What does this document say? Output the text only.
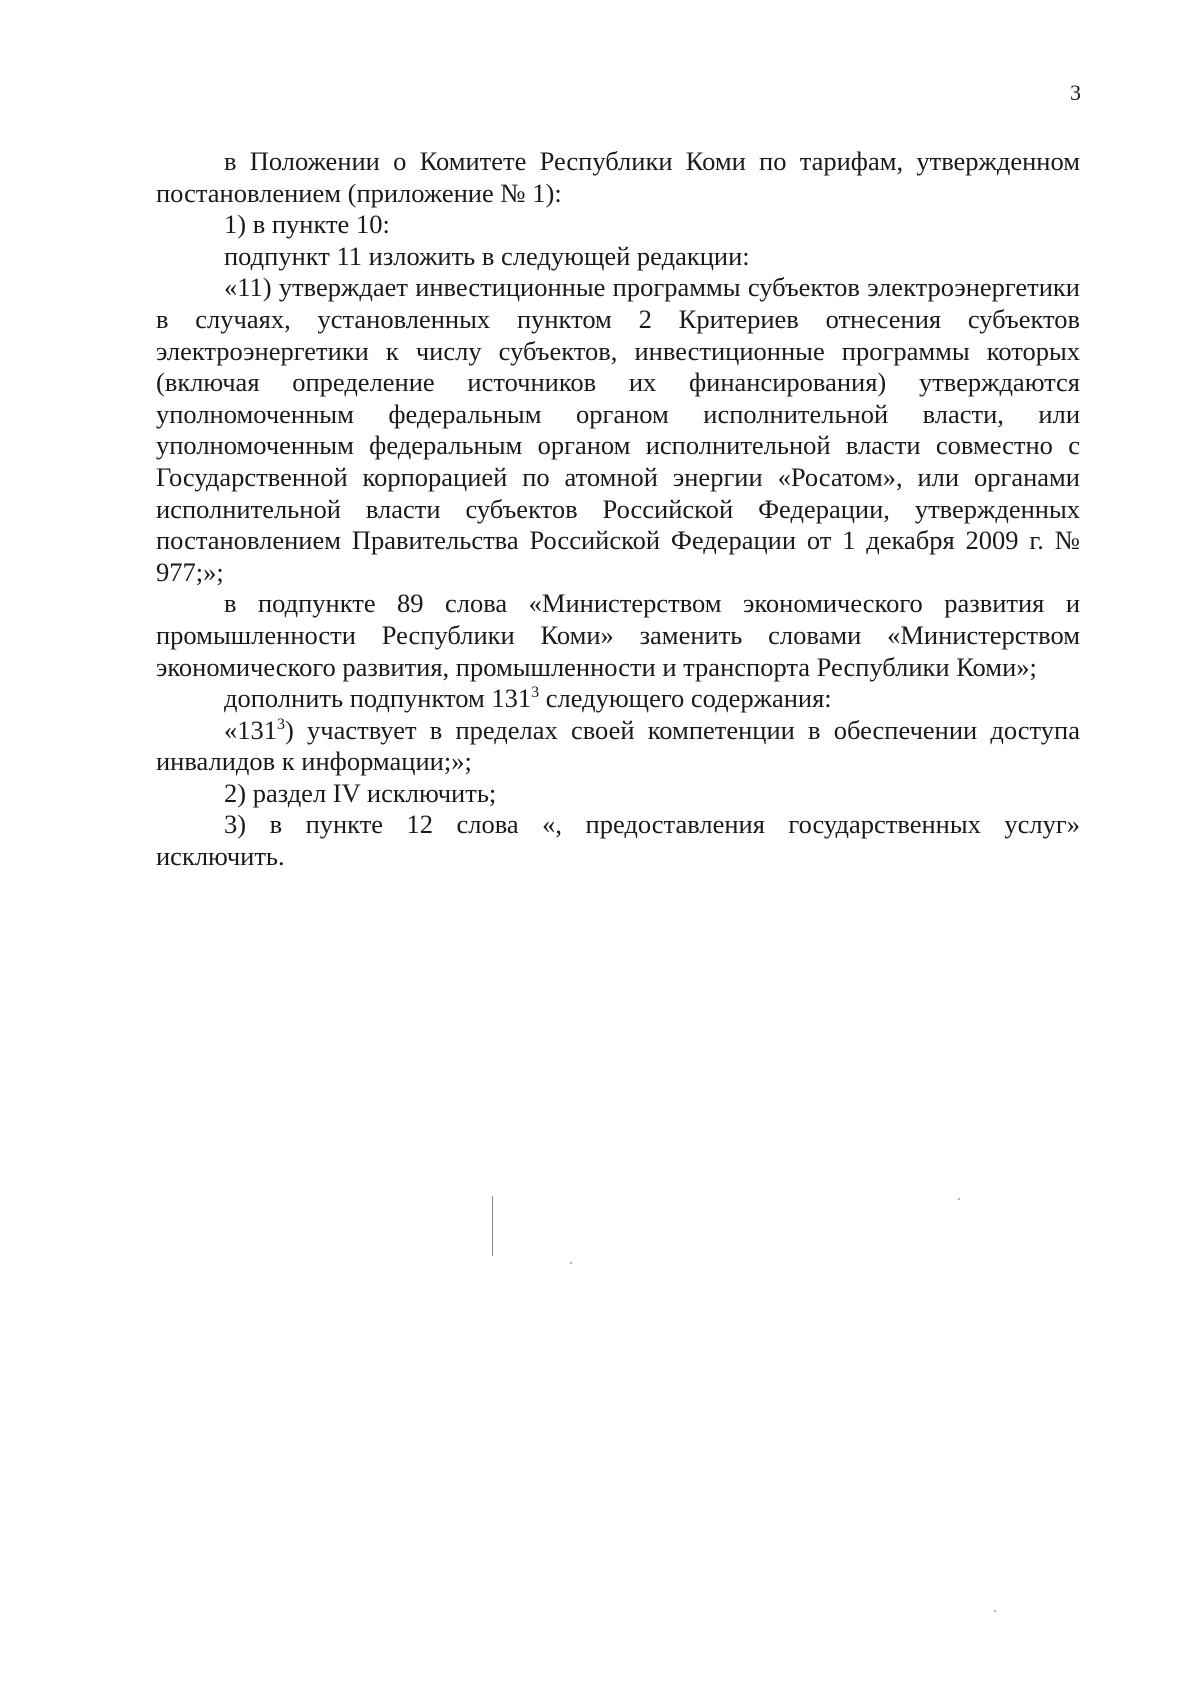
3

в Положении о Комитете Республики Коми по тарифам, утвержденном постановлением (приложение № 1):

1) в пункте 10:

подпункт 11 изложить в следующей редакции:

«11) утверждает инвестиционные программы субъектов электроэнергетики в случаях, установленных пунктом 2 Критериев отнесения субъектов электроэнергетики к числу субъектов, инвестиционные программы которых (включая определение источников их финансирования) утверждаются уполномоченным федеральным органом исполнительной власти, или уполномоченным федеральным органом исполнительной власти совместно с Государственной корпорацией по атомной энергии «Росатом», или органами исполнительной власти субъектов Российской Федерации, утвержденных постановлением Правительства Российской Федерации от 1 декабря 2009 г. № 977;»;

в подпункте 89 слова «Министерством экономического развития и промышленности Республики Коми» заменить словами «Министерством экономического развития, промышленности и транспорта Республики Коми»;

дополнить подпунктом $131^3$ следующего содержания:

«$131^3$) участвует в пределах своей компетенции в обеспечении доступа инвалидов к информации;»;

2) раздел IV исключить;

3) в пункте 12 слова «, предоставления государственных услуг» исключить.
